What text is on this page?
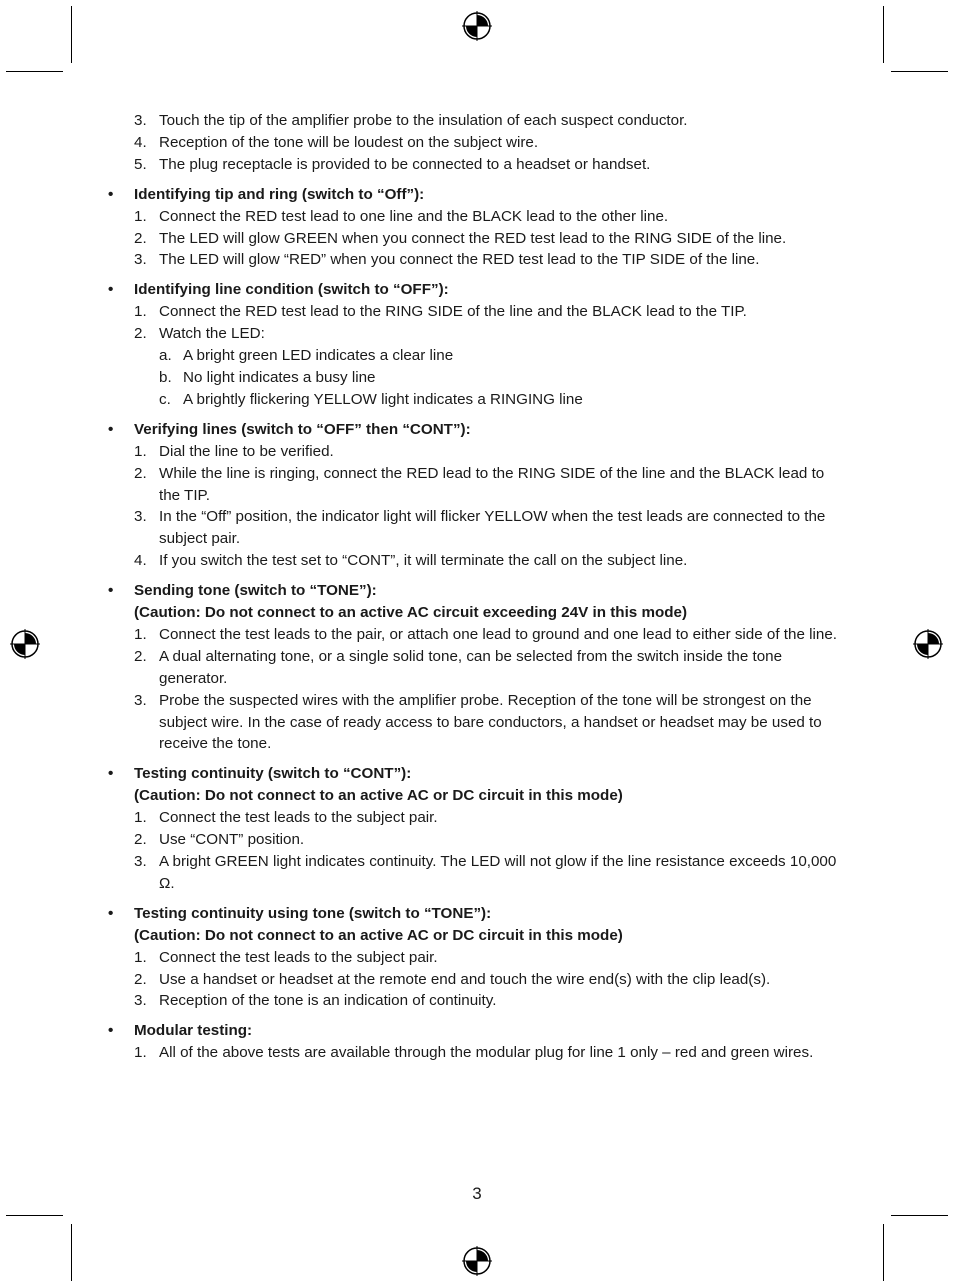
3. Touch the tip of the amplifier probe to the insulation of each suspect conductor.
4. Reception of the tone will be loudest on the subject wire.
5. The plug receptacle is provided to be connected to a headset or handset.
• Identifying tip and ring (switch to “Off”):
1. Connect the RED test lead to one line and the BLACK lead to the other line.
2. The LED will glow GREEN when you connect the RED test lead to the RING SIDE of the line.
3. The LED will glow “RED” when you connect the RED test lead to the TIP SIDE of the line.
• Identifying line condition (switch to “OFF”):
1. Connect the RED test lead to the RING SIDE of the line and the BLACK lead to the TIP.
2. Watch the LED:
a. A bright green LED indicates a clear line
b. No light indicates a busy line
c. A brightly flickering YELLOW light indicates a RINGING line
• Verifying lines (switch to “OFF” then “CONT”):
1. Dial the line to be verified.
2. While the line is ringing, connect the RED lead to the RING SIDE of the line and the BLACK lead to the TIP.
3. In the “Off” position, the indicator light will flicker YELLOW when the test leads are connected to the subject pair.
4. If you switch the test set to “CONT”, it will terminate the call on the subject line.
• Sending tone (switch to “TONE”):
(Caution: Do not connect to an active AC circuit exceeding 24V in this mode)
1. Connect the test leads to the pair, or attach one lead to ground and one lead to either side of the line.
2. A dual alternating tone, or a single solid tone, can be selected from the switch inside the tone generator.
3. Probe the suspected wires with the amplifier probe. Reception of the tone will be strongest on the subject wire. In the case of ready access to bare conductors, a handset or headset may be used to receive the tone.
• Testing continuity (switch to “CONT”):
(Caution: Do not connect to an active AC or DC circuit in this mode)
1. Connect the test leads to the subject pair.
2. Use “CONT” position.
3. A bright GREEN light indicates continuity. The LED will not glow if the line resistance exceeds 10,000 Ω.
• Testing continuity using tone (switch to “TONE”):
(Caution: Do not connect to an active AC or DC circuit in this mode)
1. Connect the test leads to the subject pair.
2. Use a handset or headset at the remote end and touch the wire end(s) with the clip lead(s).
3. Reception of the tone is an indication of continuity.
• Modular testing:
1. All of the above tests are available through the modular plug for line 1 only – red and green wires.
3
